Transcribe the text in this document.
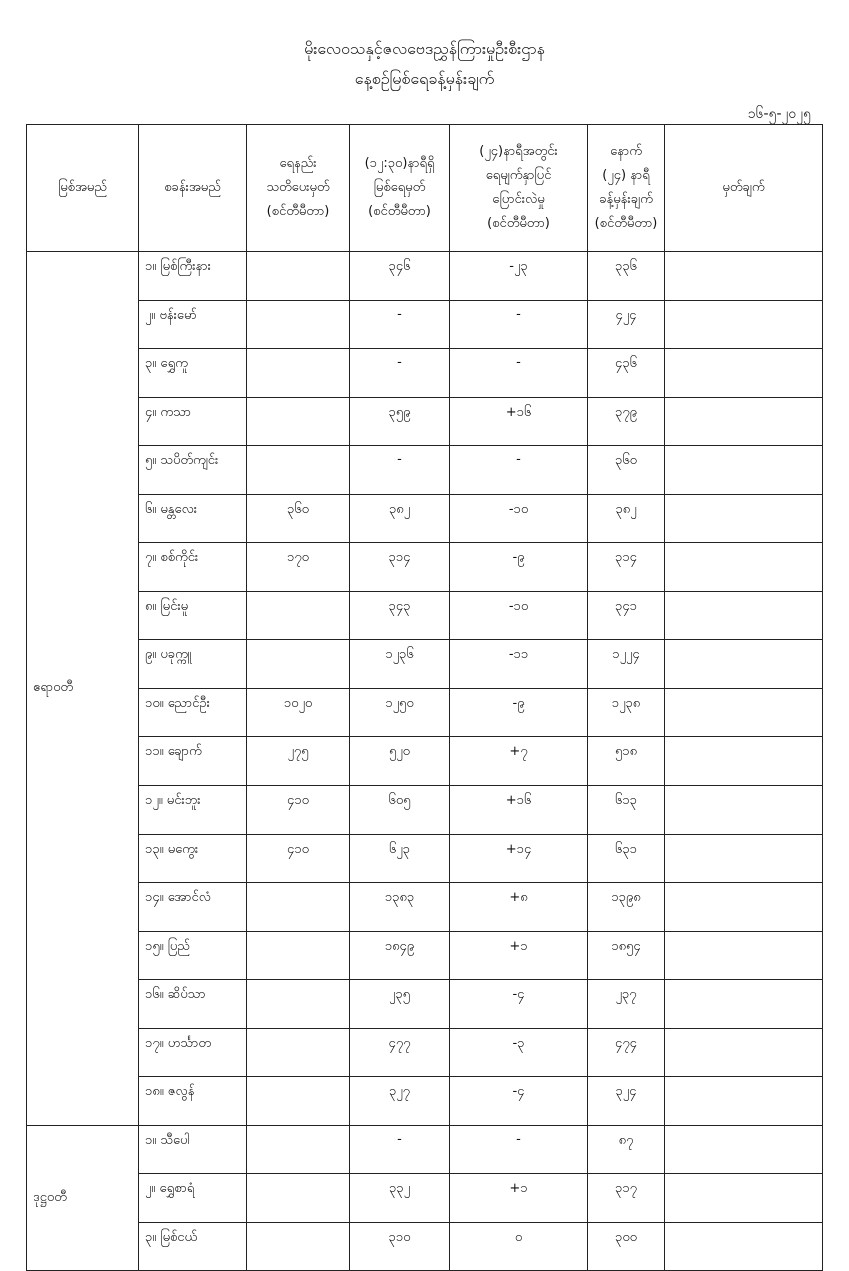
မိုးလေဝသနှင့်ဇလဗေဒညွှန်ကြားမှုဦးစီးဌာန
နေ့စဉ်မြစ်ရေခန့်မှန်းချက်
၁၆-၅-၂၀၂၅
မြစ်အမည်	စခန်းအမည်	ရေနည်း
သတိပေးမှတ်
(စင်တီမီတာ)	(၁၂:၃၀)နာရီရှိ
မြစ်ရေမှတ်
(စင်တီမီတာ)	(၂၄)နာရီအတွင်း
ရေမျက်နှာပြင်
ပြောင်းလဲမှု
(စင်တီမီတာ)	နောက်
(၂၄) နာရီ
ခန့်မှန်းချက်
(စင်တီမီတာ)	မှတ်ချက်
ဧရာဝတီ	၁။ မြစ်ကြီးနား		၃၄၆	-၂၃	၃၃၆	
	၂။ ဗန်းမော်		-	-	၄၂၄	
	၃။ ရွှေကူ		-	-	၄၃၆	
	၄။ ကသာ		၃၅၉	+၁၆	၃၇၉	
	၅။ သပိတ်ကျင်း		-	-	၃၆၀	
	၆။ မန္တလေး	၃၆၀	၃၈၂	-၁၀	၃၈၂	
	၇။ စစ်ကိုင်း	၁၇၀	၃၁၄	-၉	၃၁၄	
	၈။ မြင်းမူ		၃၄၃	-၁၀	၃၄၁	
	၉။ ပခုက္ကူ		၁၂၃၆	-၁၁	၁၂၂၄	
	၁၀။ ညောင်ဦး	၁၀၂၀	၁၂၅၀	-၉	၁၂၃၈	
	၁၁။ ချောက်	၂၇၅	၅၂၀	+၇	၅၁၈	
	၁၂။ မင်းဘူး	၄၁၀	၆၀၅	+၁၆	၆၁၃	
	၁၃။ မကွေး	၄၁၀	၆၂၃	+၁၄	၆၃၁	
	၁၄။ အောင်လံ		၁၃၈၃	+၈	၁၃၉၈	
	၁၅။ ပြည်		၁၈၄၉	+၁	၁၈၅၄	
	၁၆။ ဆိပ်သာ		၂၃၅	-၄	၂၃၇	
	၁၇။ ဟင်္သာတ		၄၇၇	-၃	၄၇၄	
	၁၈။ ဇလွန်		၃၂၇	-၄	၃၂၄	
ဒုဋ္ဌဝတီ	၁။ သီပေါ		-	-	၈၇	
	၂။ ရွှေစာရံ		၃၃၂	+၁	၃၁၇	
	၃။ မြစ်ငယ်		၃၁၀	၀	၃၀၀	
